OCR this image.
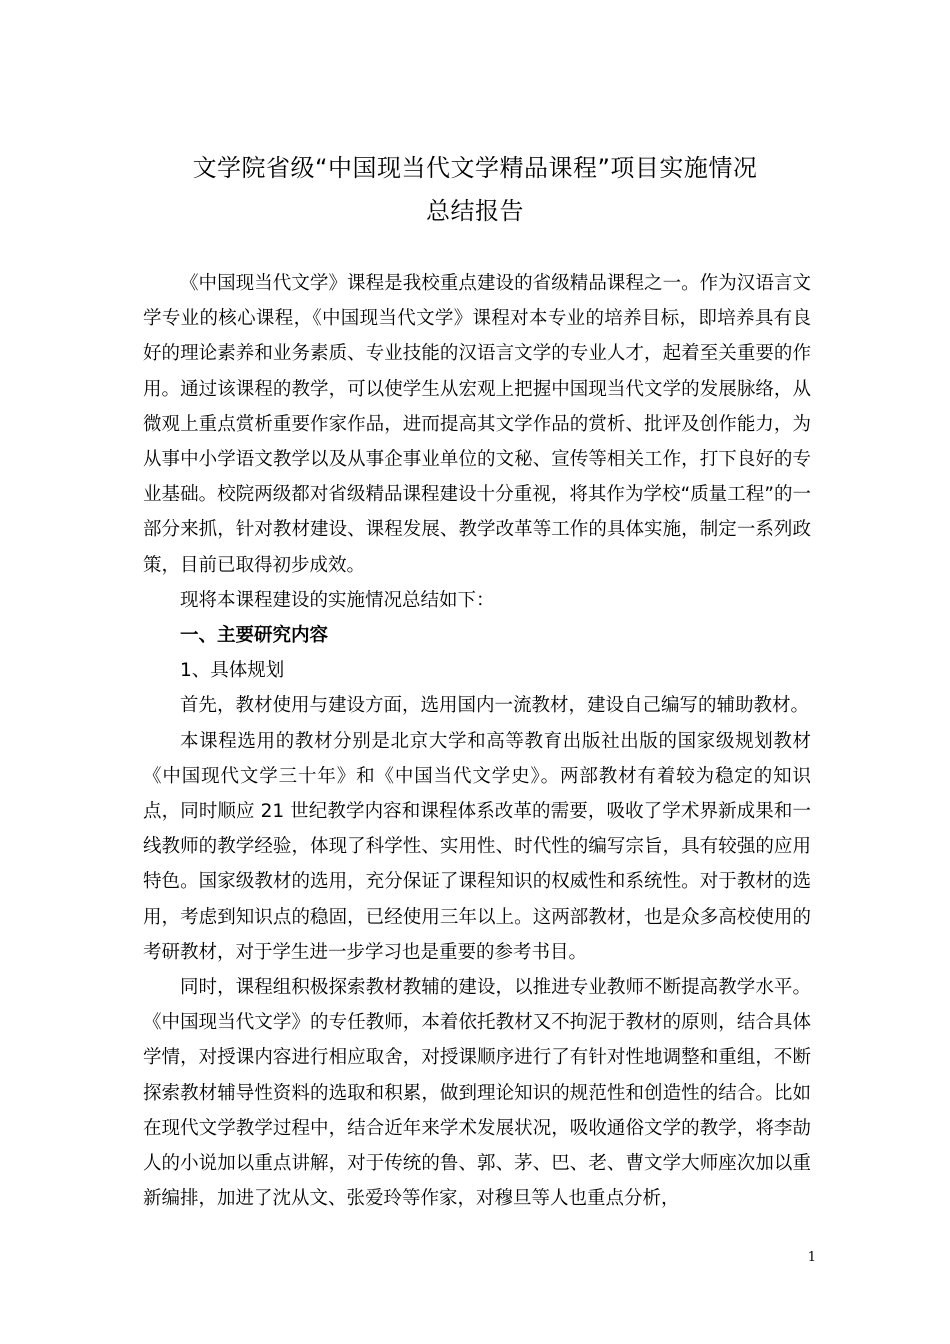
文学院省级“中国现当代文学精品课程”项目实施情况
总结报告

《中国现当代文学》课程是我校重点建设的省级精品课程之一。作为汉语言文学专业的核心课程，《中国现当代文学》课程对本专业的培养目标，即培养具有良好的理论素养和业务素质、专业技能的汉语言文学的专业人才，起着至关重要的作用。通过该课程的教学，可以使学生从宏观上把握中国现当代文学的发展脉络，从微观上重点赏析重要作家作品，进而提高其文学作品的赏析、批评及创作能力，为从事中小学语文教学以及从事企事业单位的文秘、宣传等相关工作，打下良好的专业基础。校院两级都对省级精品课程建设十分重视，将其作为学校“质量工程”的一部分来抓，针对教材建设、课程发展、教学改革等工作的具体实施，制定一系列政策，目前已取得初步成效。

现将本课程建设的实施情况总结如下：

一、主要研究内容

1、具体规划

首先，教材使用与建设方面，选用国内一流教材，建设自己编写的辅助教材。

本课程选用的教材分别是北京大学和高等教育出版社出版的国家级规划教材《中国现代文学三十年》和《中国当代文学史》。两部教材有着较为稳定的知识点，同时顺应 21 世纪教学内容和课程体系改革的需要，吸收了学术界新成果和一线教师的教学经验，体现了科学性、实用性、时代性的编写宗旨，具有较强的应用特色。国家级教材的选用，充分保证了课程知识的权威性和系统性。对于教材的选用，考虑到知识点的稳固，已经使用三年以上。这两部教材，也是众多高校使用的考研教材，对于学生进一步学习也是重要的参考书目。

同时，课程组积极探索教材教辅的建设，以推进专业教师不断提高教学水平。《中国现当代文学》的专任教师，本着依托教材又不拘泥于教材的原则，结合具体学情，对授课内容进行相应取舍，对授课顺序进行了有针对性地调整和重组，不断探索教材辅导性资料的选取和积累，做到理论知识的规范性和创造性的结合。比如在现代文学教学过程中，结合近年来学术发展状况，吸收通俗文学的教学，将李劼人的小说加以重点讲解，对于传统的鲁、郭、茅、巴、老、曹文学大师座次加以重新编排，加进了沈从文、张爱玲等作家，对穆旦等人也重点分析，

1
